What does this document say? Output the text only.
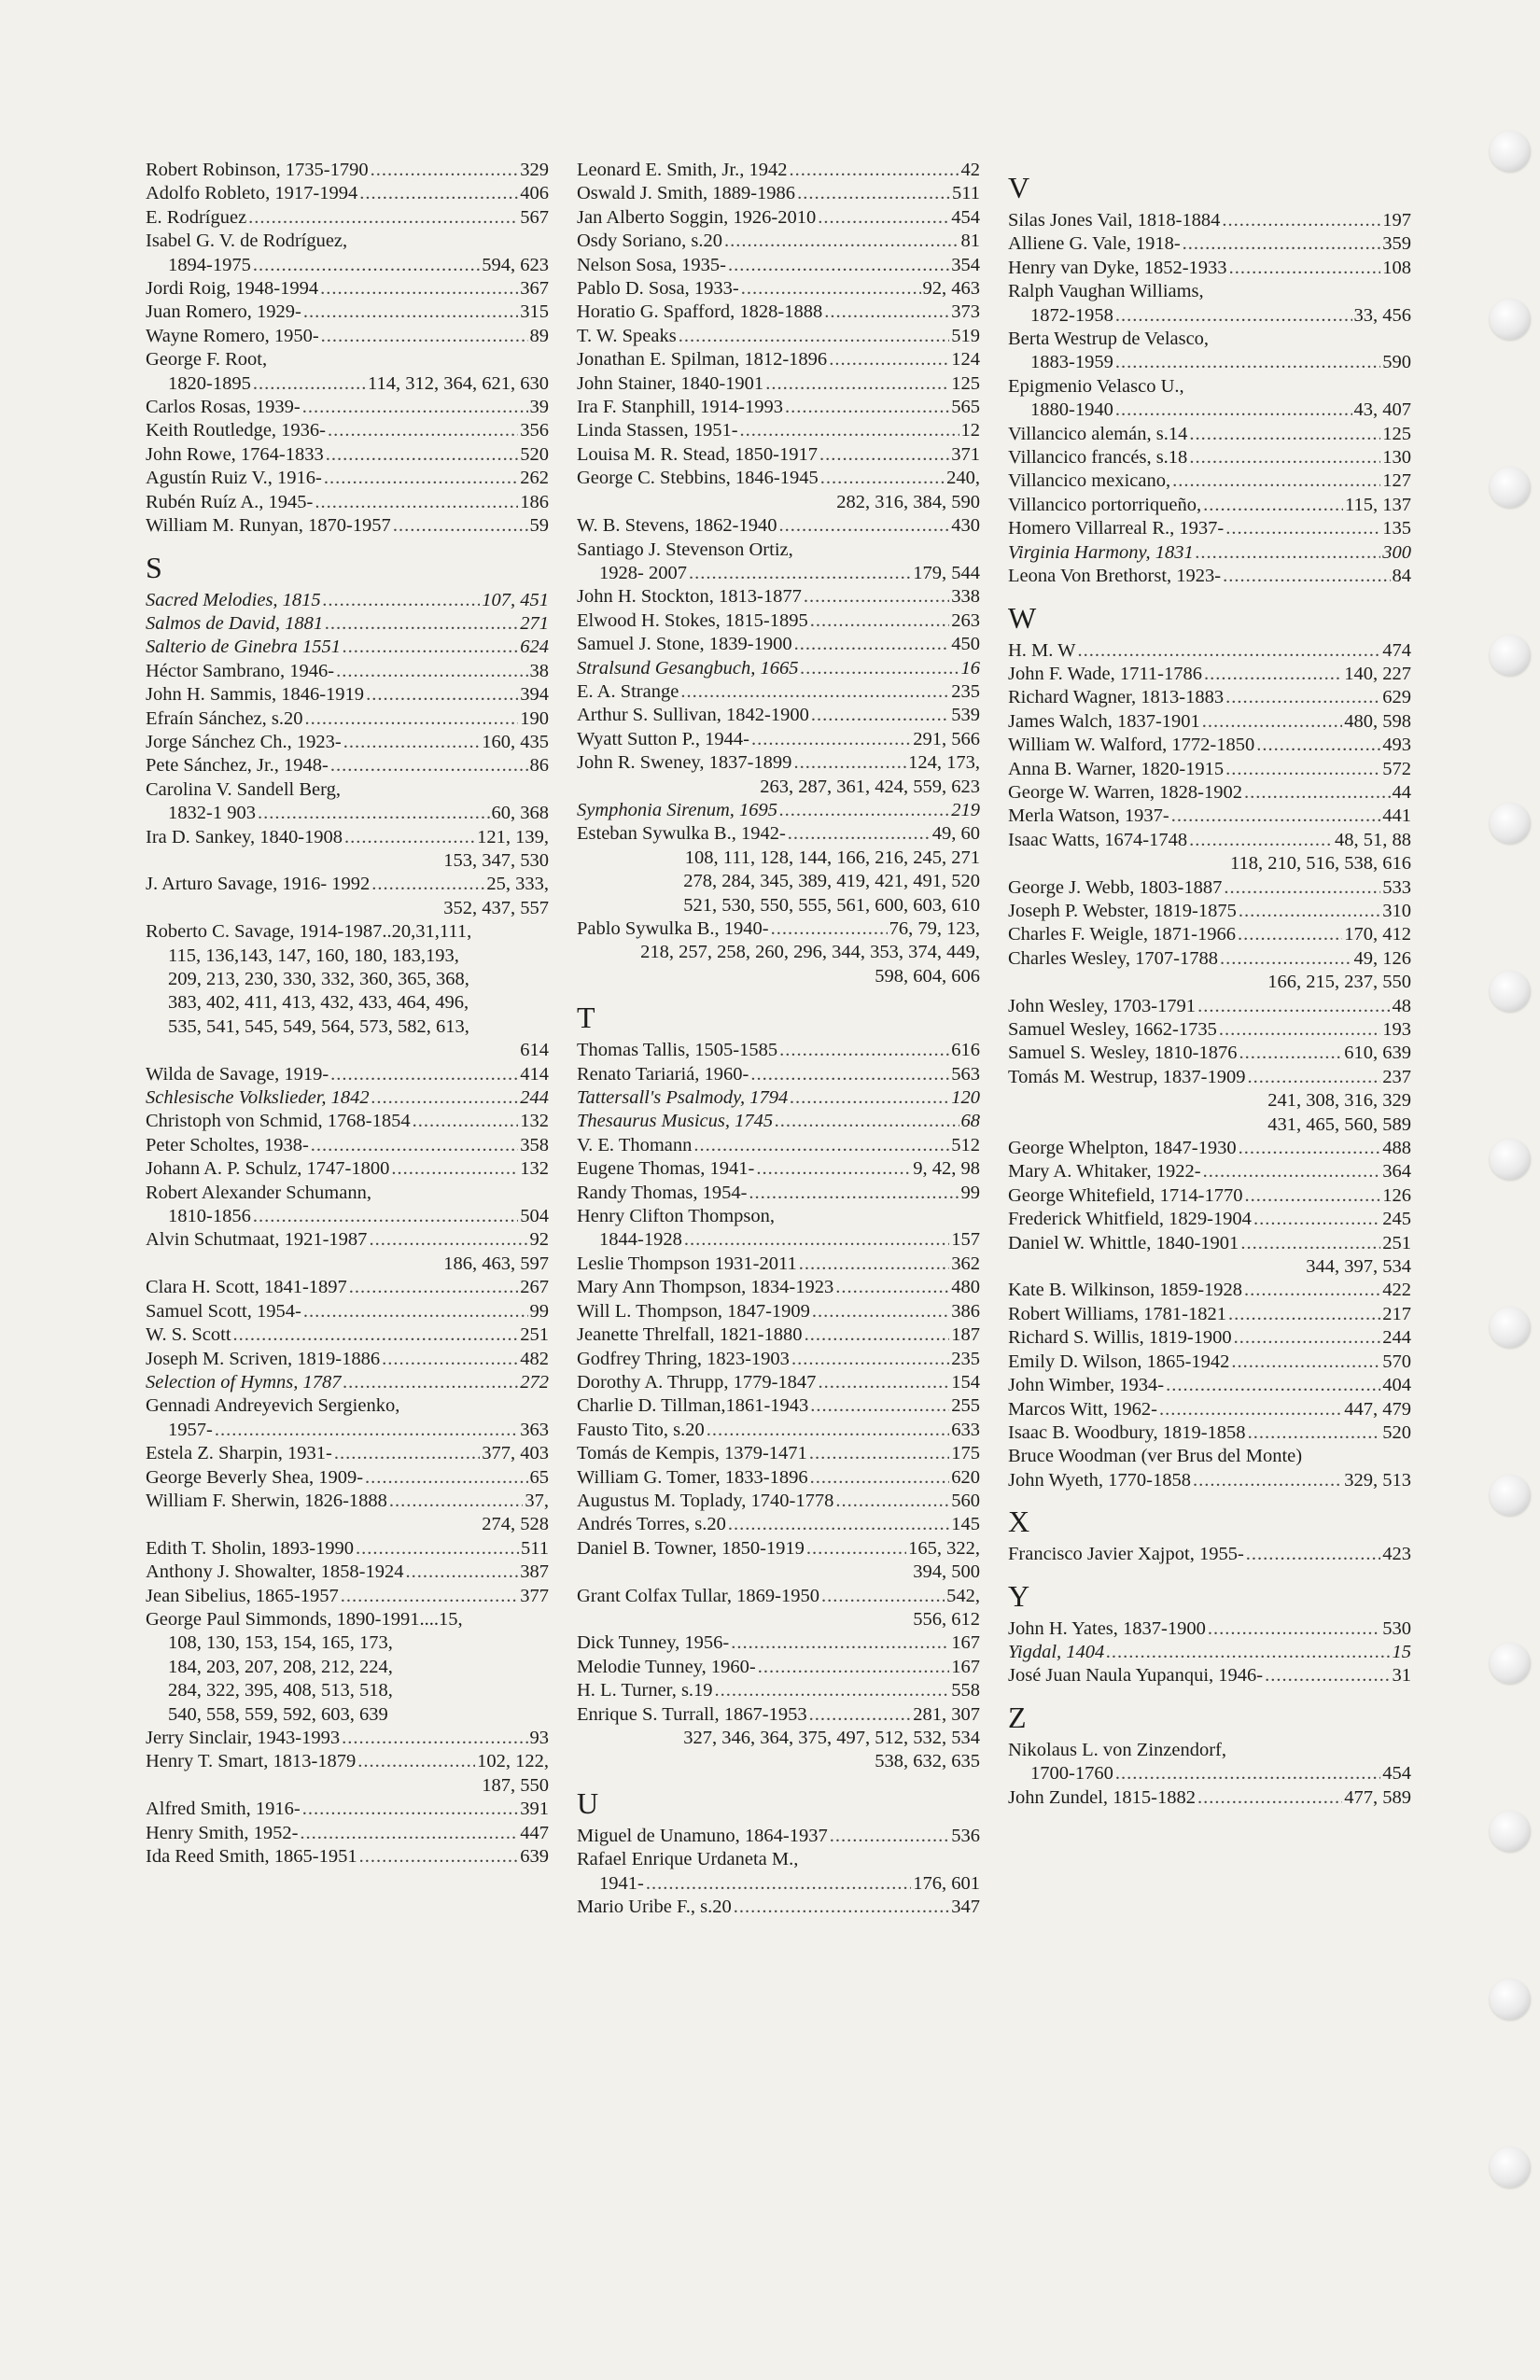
Robert Robinson, 1735-1790 .....	329
Adolfo Robleto, 1917-1994 .....	406
E. Rodríguez .....	567
Isabel G. V. de Rodríguez,
1894-1975 .....	594, 623
Jordi Roig, 1948-1994 .....	367
Juan Romero, 1929- .....	315
Wayne Romero, 1950- .....	89
George F. Root,
1820-1895 .....	114, 312, 364, 621, 630
Carlos Rosas, 1939- .....	39
Keith Routledge, 1936- .....	356
John Rowe, 1764-1833 .....	520
Agustín Ruiz V., 1916- .....	262
Rubén Ruíz A., 1945- .....	186
William M. Runyan, 1870-1957 .....	59
S
Sacred Melodies, 1815 .....	107, 451
Salmos de David, 1881 .....	271
Salterio de Ginebra 1551 .....	624
Héctor Sambrano, 1946- .....	38
John H. Sammis, 1846-1919 .....	394
Efraín Sánchez, s.20 .....	190
Jorge Sánchez Ch., 1923- .....	160, 435
Pete Sánchez, Jr., 1948- .....	86
Carolina V. Sandell Berg,
1832-1 903 .....	60, 368
Ira D. Sankey, 1840-1908 .....	121, 139,
153, 347, 530
J. Arturo Savage, 1916- 1992 .....	25, 333,
352, 437, 557
Roberto C. Savage, 1914-1987..20,31,111,
115, 136,143, 147, 160, 180, 183,193,
209, 213, 230, 330, 332, 360, 365, 368,
383, 402, 411, 413, 432, 433, 464, 496,
535, 541, 545, 549, 564, 573, 582, 613,
614
Wilda de Savage, 1919- .....	414
Schlesische Volkslieder, 1842 .....	244
Christoph von Schmid, 1768-1854 .....	132
Peter Scholtes, 1938- .....	358
Johann A. P. Schulz, 1747-1800 .....	132
Robert Alexander Schumann,
1810-1856 .....	504
Alvin Schutmaat, 1921-1987 .....	92
186, 463, 597
Clara H. Scott, 1841-1897 .....	267
Samuel Scott, 1954- .....	99
W. S. Scott .....	251
Joseph M. Scriven, 1819-1886 .....	482
Selection of Hymns, 1787 .....	272
Gennadi Andreyevich Sergienko,
1957- .....	363
Estela Z. Sharpin, 1931- .....	377, 403
George Beverly Shea, 1909- .....	65
William F. Sherwin, 1826-1888 .....	37,
274, 528
Edith T. Sholin, 1893-1990 .....	511
Anthony J. Showalter, 1858-1924 .....	387
Jean Sibelius, 1865-1957 .....	377
George Paul Simmonds, 1890-1991....15,
108, 130, 153, 154, 165, 173,
184, 203, 207, 208, 212, 224,
284, 322, 395, 408, 513, 518,
540, 558, 559, 592, 603, 639
Jerry Sinclair, 1943-1993 .....	93
Henry T. Smart, 1813-1879 .....	102, 122,
187, 550
Alfred Smith, 1916- .....	391
Henry Smith, 1952- .....	447
Ida Reed Smith, 1865-1951 .....	639
Leonard E. Smith, Jr., 1942 .....	42
Oswald J. Smith, 1889-1986 .....	511
Jan Alberto Soggin, 1926-2010 .....	454
Osdy Soriano, s.20 .....	81
Nelson Sosa, 1935- .....	354
Pablo D. Sosa, 1933- .....	92, 463
Horatio G. Spafford, 1828-1888 .....	373
T. W. Speaks .....	519
Jonathan E. Spilman, 1812-1896 .....	124
John Stainer, 1840-1901 .....	125
Ira F. Stanphill, 1914-1993 .....	565
Linda Stassen, 1951- .....	12
Louisa M. R. Stead, 1850-1917 .....	371
George C. Stebbins, 1846-1945 .....	240,
282, 316, 384, 590
W. B. Stevens, 1862-1940 .....	430
Santiago J. Stevenson Ortiz,
1928- 2007 .....	179, 544
John H. Stockton, 1813-1877 .....	338
Elwood H. Stokes, 1815-1895 .....	263
Samuel J. Stone, 1839-1900 .....	450
Stralsund Gesangbuch, 1665 .....	16
E. A. Strange .....	235
Arthur S. Sullivan, 1842-1900 .....	539
Wyatt Sutton P., 1944- .....	291, 566
John R. Sweney, 1837-1899 .....	124, 173,
263, 287, 361, 424, 559, 623
Symphonia Sirenum, 1695 .....	219
Esteban Sywulka B., 1942- .....	49, 60
108, 111, 128, 144, 166, 216, 245, 271
278, 284, 345, 389, 419, 421, 491, 520
521, 530, 550, 555, 561, 600, 603, 610
Pablo Sywulka B., 1940- .....	76, 79, 123,
218, 257, 258, 260, 296, 344, 353, 374, 449,
598, 604, 606
T
Thomas Tallis, 1505-1585 .....	616
Renato Tariariá, 1960- .....	563
Tattersall's Psalmody, 1794 .....	120
Thesaurus Musicus, 1745 .....	68
V. E. Thomann .....	512
Eugene Thomas, 1941- .....	9, 42, 98
Randy Thomas, 1954- .....	99
Henry Clifton Thompson,
1844-1928 .....	157
Leslie Thompson 1931-2011 .....	362
Mary Ann Thompson, 1834-1923 .....	480
Will L. Thompson, 1847-1909 .....	386
Jeanette Threlfall, 1821-1880 .....	187
Godfrey Thring, 1823-1903 .....	235
Dorothy A. Thrupp, 1779-1847 .....	154
Charlie D. Tillman,1861-1943 .....	255
Fausto Tito, s.20 .....	633
Tomás de Kempis, 1379-1471 .....	175
William G. Tomer, 1833-1896 .....	620
Augustus M. Toplady, 1740-1778 .....	560
Andrés Torres, s.20 .....	145
Daniel B. Towner, 1850-1919 .....	165, 322,
394, 500
Grant Colfax Tullar, 1869-1950 .....	542,
556, 612
Dick Tunney, 1956- .....	167
Melodie Tunney, 1960- .....	167
H. L. Turner, s.19 .....	558
Enrique S. Turrall, 1867-1953 .....	281, 307
327, 346, 364, 375, 497, 512, 532, 534
538, 632, 635
U
Miguel de Unamuno, 1864-1937 .....	536
Rafael Enrique Urdaneta M.,
1941- .....	176, 601
Mario Uribe F., s.20 .....	347
V
Silas Jones Vail, 1818-1884 .....	197
Alliene G. Vale, 1918- .....	359
Henry van Dyke, 1852-1933 .....	108
Ralph Vaughan Williams,
1872-1958 .....	33, 456
Berta Westrup de Velasco,
1883-1959 .....	590
Epigmenio Velasco U.,
1880-1940 .....	43, 407
Villancico alemán, s.14 .....	125
Villancico francés, s.18 .....	130
Villancico mexicano, .....	127
Villancico portorriqueño, .....	115, 137
Homero Villarreal R., 1937- .....	135
Virginia Harmony, 1831 .....	300
Leona Von Brethorst, 1923- .....	84
W
H. M. W .....	474
John F. Wade, 1711-1786 .....	140, 227
Richard Wagner, 1813-1883 .....	629
James Walch, 1837-1901 .....	480, 598
William W. Walford, 1772-1850 .....	493
Anna B. Warner, 1820-1915 .....	572
George W. Warren, 1828-1902 .....	44
Merla Watson, 1937- .....	441
Isaac Watts, 1674-1748 .....	48, 51, 88
118, 210, 516, 538, 616
George J. Webb, 1803-1887 .....	533
Joseph P. Webster, 1819-1875 .....	310
Charles F. Weigle, 1871-1966 .....	170, 412
Charles Wesley, 1707-1788 .....	49, 126
166, 215, 237, 550
John Wesley, 1703-1791 .....	48
Samuel Wesley, 1662-1735 .....	193
Samuel S. Wesley, 1810-1876 .....	610, 639
Tomás M. Westrup, 1837-1909 .....	237
241, 308, 316, 329
431, 465, 560, 589
George Whelpton, 1847-1930 .....	488
Mary A. Whitaker, 1922- .....	364
George Whitefield, 1714-1770 .....	126
Frederick Whitfield, 1829-1904 .....	245
Daniel W. Whittle, 1840-1901 .....	251
344, 397, 534
Kate B. Wilkinson, 1859-1928 .....	422
Robert Williams, 1781-1821 .....	217
Richard S. Willis, 1819-1900 .....	244
Emily D. Wilson, 1865-1942 .....	570
John Wimber, 1934- .....	404
Marcos Witt, 1962- .....	447, 479
Isaac B. Woodbury, 1819-1858 .....	520
Bruce Woodman (ver Brus del Monte)
John Wyeth, 1770-1858 .....	329, 513
X
Francisco Javier Xajpot, 1955- .....	423
Y
John H. Yates, 1837-1900 .....	530
Yigdal, 1404 .....	15
José Juan Naula Yupanqui, 1946- .....	31
Z
Nikolaus L. von Zinzendorf,
1700-1760 .....	454
John Zundel, 1815-1882 .....	477, 589
